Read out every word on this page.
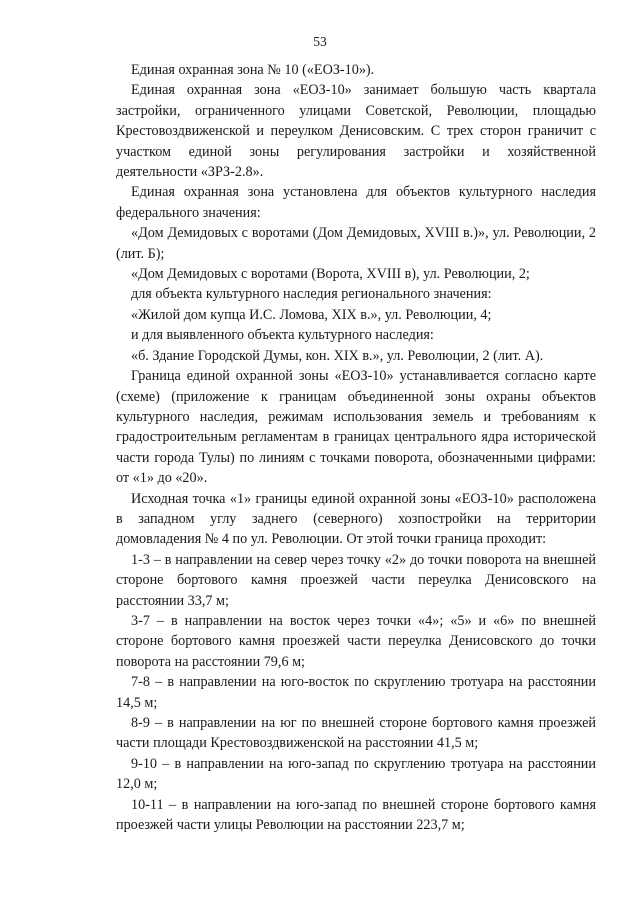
53

Единая охранная зона № 10 («ЕОЗ-10»).

Единая охранная зона «ЕОЗ-10» занимает большую часть квартала застройки, ограниченного улицами Советской, Революции, площадью Крестовоздвиженской и переулком Денисовским. С трех сторон граничит с участком единой зоны регулирования застройки и хозяйственной деятельности «ЗРЗ-2.8».

Единая охранная зона установлена для объектов культурного наследия федерального значения:

«Дом Демидовых с воротами (Дом Демидовых, XVIII в.)», ул. Революции, 2 (лит. Б);

«Дом Демидовых с воротами (Ворота, XVIII в), ул. Революции, 2;

для объекта культурного наследия регионального значения:

«Жилой дом купца И.С. Ломова, XIX в.», ул. Революции, 4;

и для выявленного объекта культурного наследия:

«б. Здание Городской Думы, кон. XIX в.», ул. Революции, 2 (лит. А).

Граница единой охранной зоны «ЕОЗ-10» устанавливается согласно карте (схеме) (приложение к границам объединенной зоны охраны объектов культурного наследия, режимам использования земель и требованиям к градостроительным регламентам в границах центрального ядра исторической части города Тулы) по линиям с точками поворота, обозначенными цифрами: от «1» до «20».

Исходная точка «1» границы единой охранной зоны «ЕОЗ-10» расположена в западном углу заднего (северного) хозпостройки на территории домовладения № 4 по ул. Революции. От этой точки граница проходит:

1-3 – в направлении на север через точку «2» до точки поворота на внешней стороне бортового камня проезжей части переулка Денисовского на расстоянии 33,7 м;

3-7 – в направлении на восток через точки «4»; «5» и «6» по внешней стороне бортового камня проезжей части переулка Денисовского до точки поворота на расстоянии 79,6 м;

7-8 – в направлении на юго-восток по скруглению тротуара на расстоянии 14,5 м;

8-9 – в направлении на юг по внешней стороне бортового камня проезжей части площади Крестовоздвиженской на расстоянии 41,5 м;

9-10 – в направлении на юго-запад по скруглению тротуара на расстоянии 12,0 м;

10-11 – в направлении на юго-запад по внешней стороне бортового камня проезжей части улицы Революции на расстоянии 223,7 м;
